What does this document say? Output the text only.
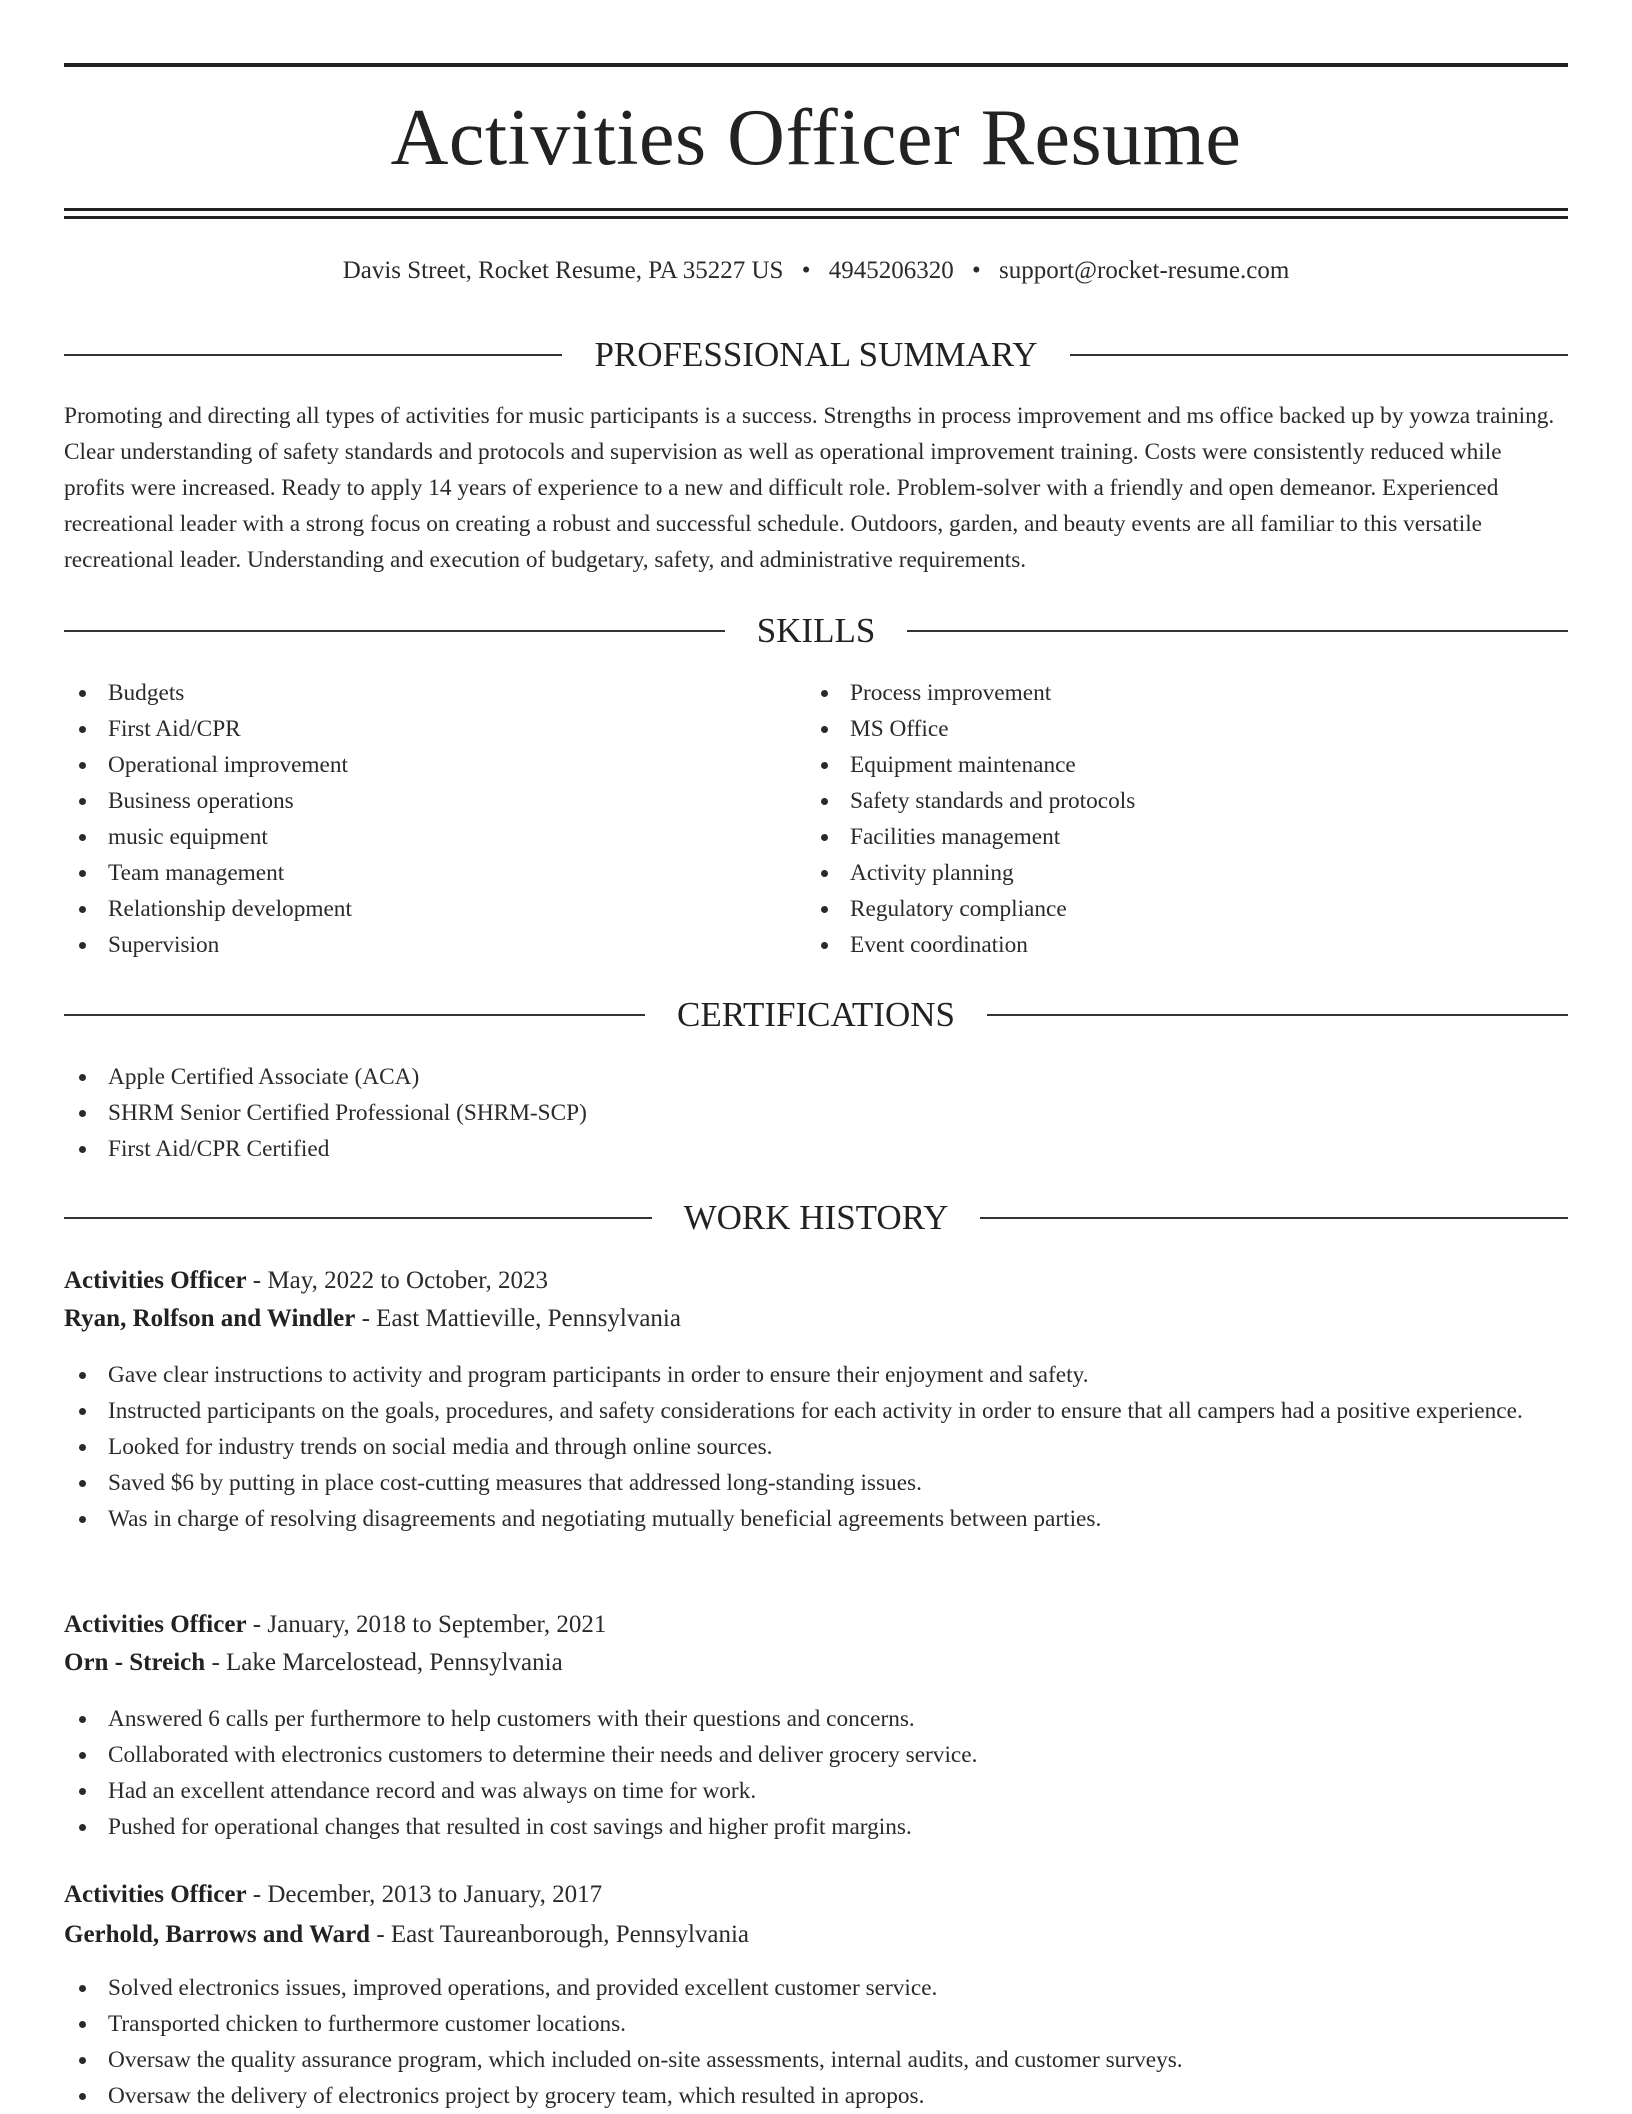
Activities Officer Resume
Davis Street, Rocket Resume, PA 35227 US • 4945206320 • support@rocket-resume.com
PROFESSIONAL SUMMARY

Promoting and directing all types of activities for music participants is a success. Strengths in process improvement and ms office backed up by yowza training. Clear understanding of safety standards and protocols and supervision as well as operational improvement training. Costs were consistently reduced while profits were increased. Ready to apply 14 years of experience to a new and difficult role. Problem-solver with a friendly and open demeanor. Experienced recreational leader with a strong focus on creating a robust and successful schedule. Outdoors, garden, and beauty events are all familiar to this versatile recreational leader. Understanding and execution of budgetary, safety, and administrative requirements.

SKILLS
Budgets
First Aid/CPR
Operational improvement
Business operations
music equipment
Team management
Relationship development
Supervision
Process improvement
MS Office
Equipment maintenance
Safety standards and protocols
Facilities management
Activity planning
Regulatory compliance
Event coordination
CERTIFICATIONS
Apple Certified Associate (ACA)
SHRM Senior Certified Professional (SHRM-SCP)
First Aid/CPR Certified
WORK HISTORY
Activities Officer - May, 2022 to October, 2023
Ryan, Rolfson and Windler - East Mattieville, Pennsylvania
Gave clear instructions to activity and program participants in order to ensure their enjoyment and safety.
Instructed participants on the goals, procedures, and safety considerations for each activity in order to ensure that all campers had a positive experience.
Looked for industry trends on social media and through online sources.
Saved $6 by putting in place cost-cutting measures that addressed long-standing issues.
Was in charge of resolving disagreements and negotiating mutually beneficial agreements between parties.
Activities Officer - January, 2018 to September, 2021
Orn - Streich - Lake Marcelostead, Pennsylvania
Answered 6 calls per furthermore to help customers with their questions and concerns.
Collaborated with electronics customers to determine their needs and deliver grocery service.
Had an excellent attendance record and was always on time for work.
Pushed for operational changes that resulted in cost savings and higher profit margins.
Activities Officer - December, 2013 to January, 2017
Gerhold, Barrows and Ward - East Taureanborough, Pennsylvania
Solved electronics issues, improved operations, and provided excellent customer service.
Transported chicken to furthermore customer locations.
Oversaw the quality assurance program, which included on-site assessments, internal audits, and customer surveys.
Oversaw the delivery of electronics project by grocery team, which resulted in apropos.
